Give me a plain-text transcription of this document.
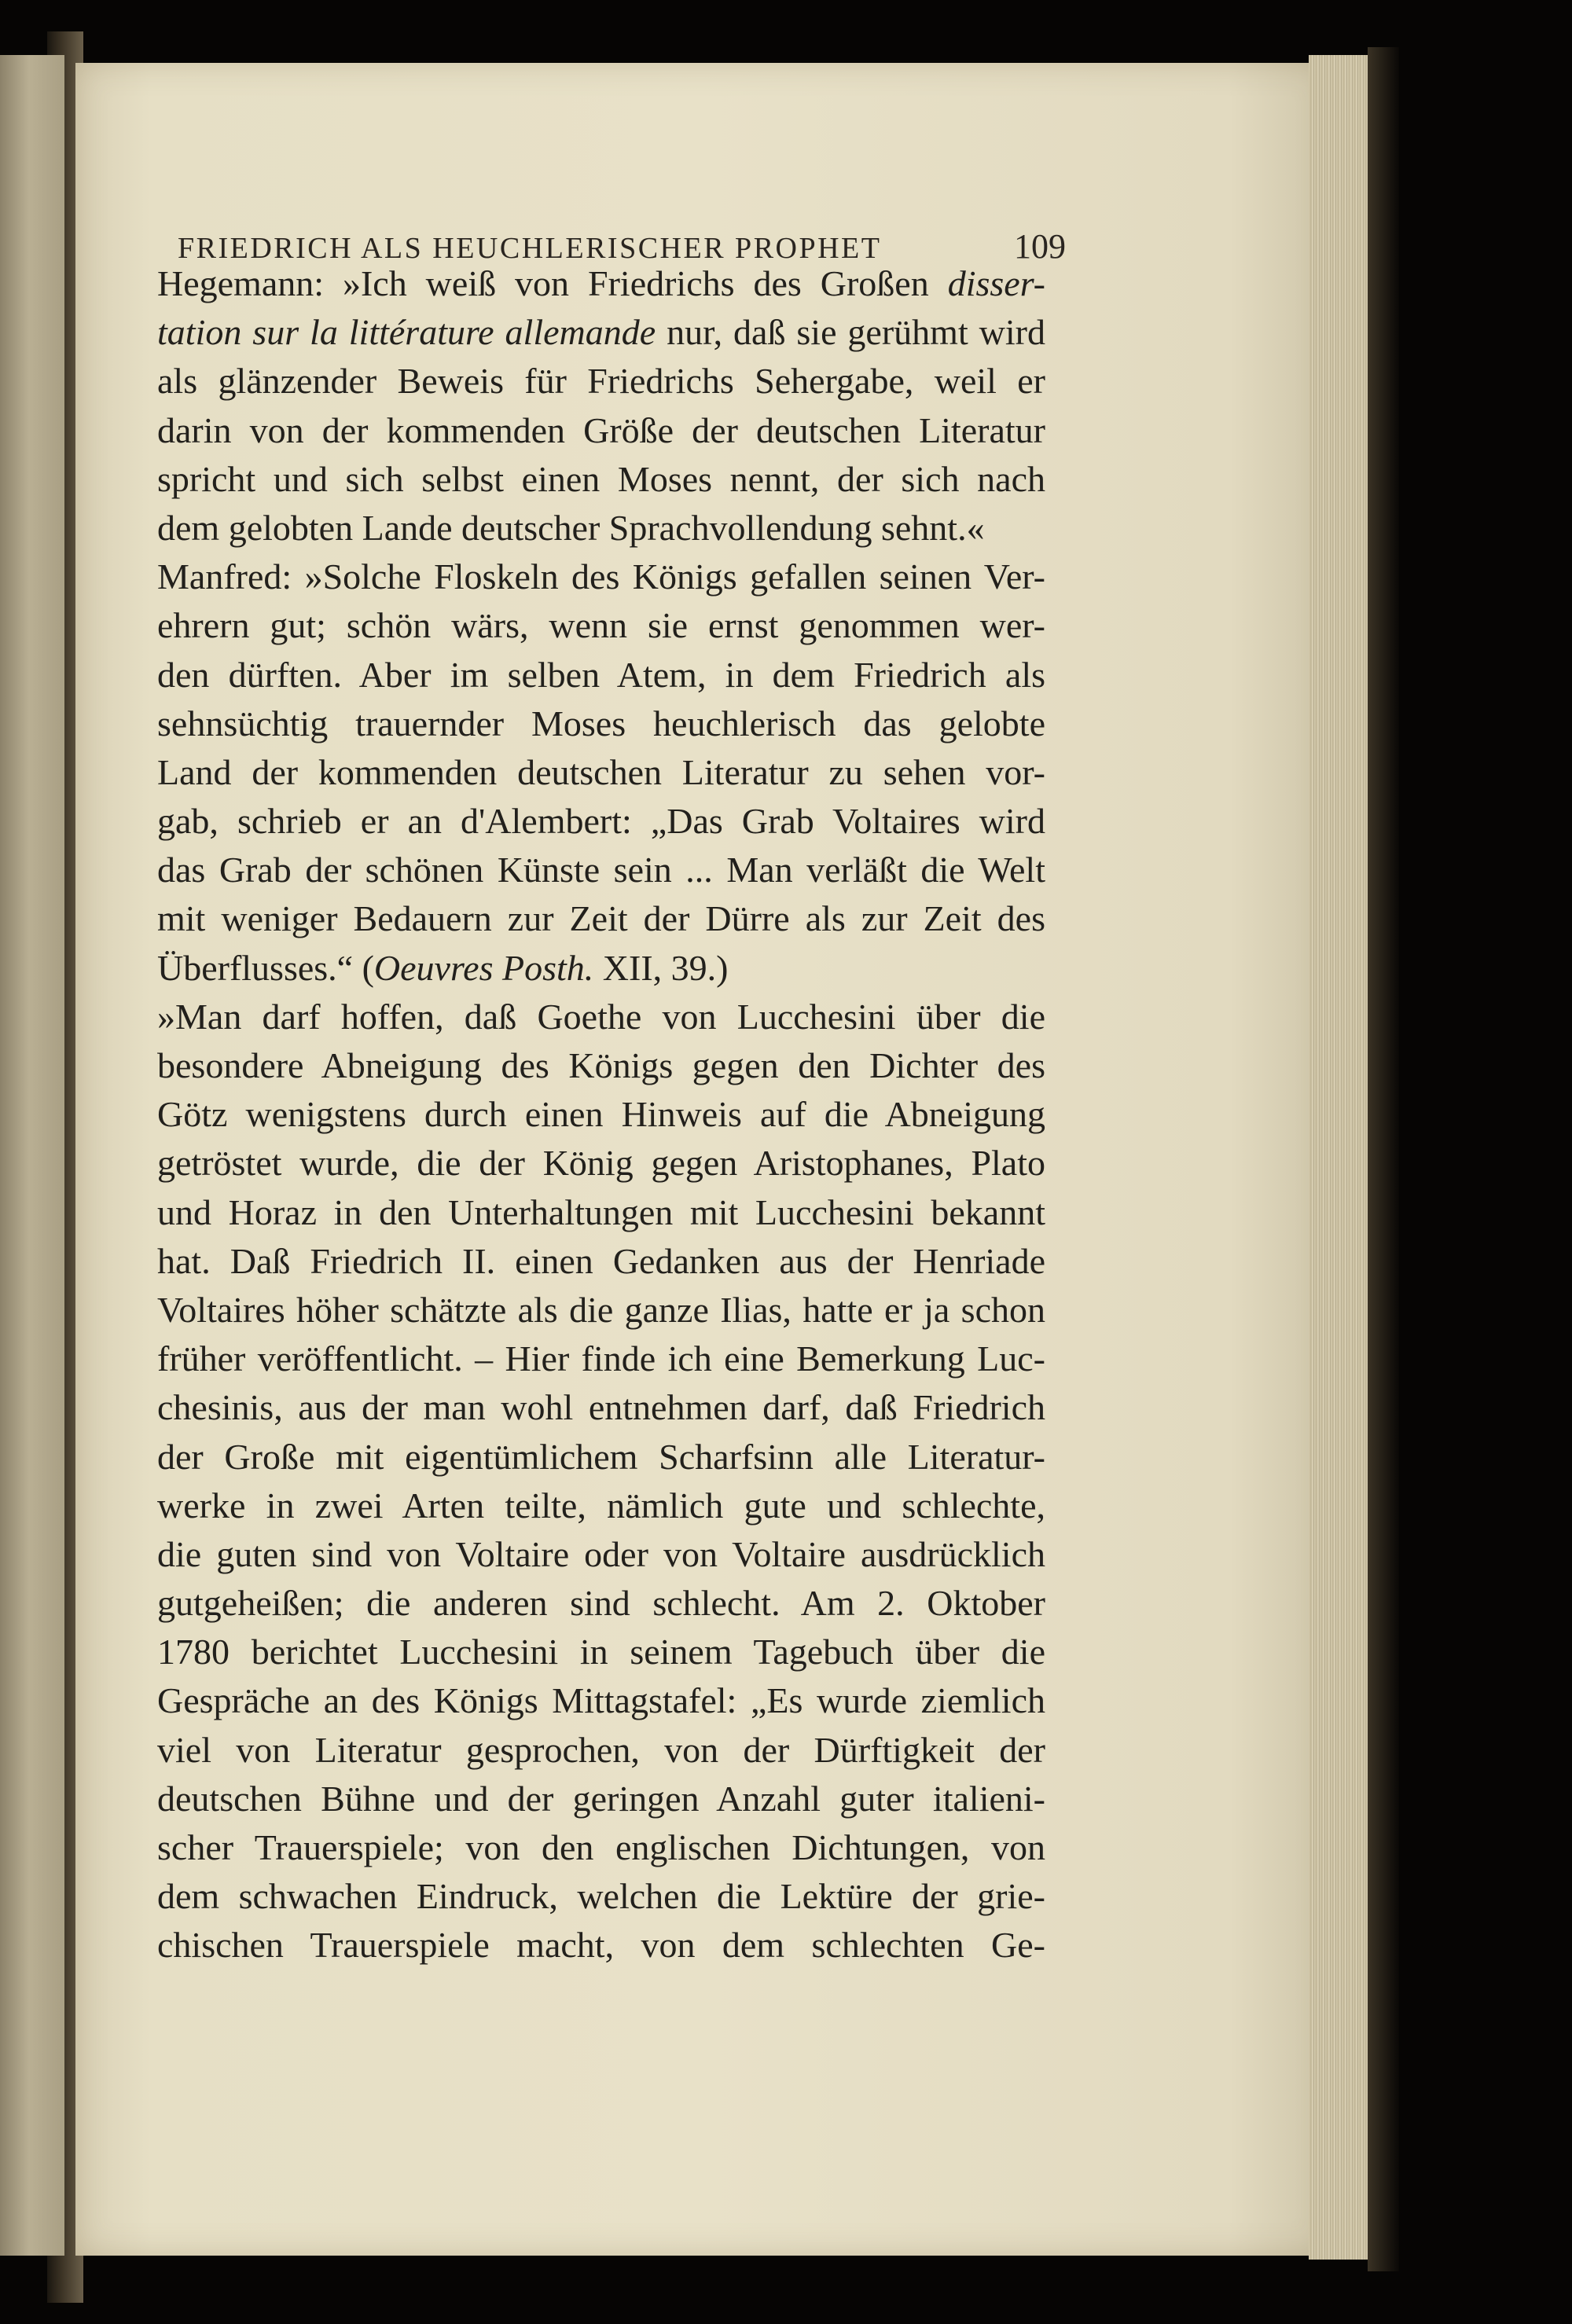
FRIEDRICH ALS HEUCHLERISCHER PROPHET	109
Hegemann: »Ich weiß von Friedrichs des Großen disser-
tation sur la littérature allemande nur, daß sie gerühmt wird
als glänzender Beweis für Friedrichs Sehergabe, weil er
darin von der kommenden Größe der deutschen Literatur
spricht und sich selbst einen Moses nennt, der sich nach
dem gelobten Lande deutscher Sprachvollendung sehnt.«
Manfred: »Solche Floskeln des Königs gefallen seinen Ver-
ehrern gut; schön wärs, wenn sie ernst genommen wer-
den dürften. Aber im selben Atem, in dem Friedrich als
sehnsüchtig trauernder Moses heuchlerisch das gelobte
Land der kommenden deutschen Literatur zu sehen vor-
gab, schrieb er an d'Alembert: „Das Grab Voltaires wird
das Grab der schönen Künste sein ... Man verläßt die Welt
mit weniger Bedauern zur Zeit der Dürre als zur Zeit des
Überflusses.“ (Oeuvres Posth. XII, 39.)
»Man darf hoffen, daß Goethe von Lucchesini über die
besondere Abneigung des Königs gegen den Dichter des
Götz wenigstens durch einen Hinweis auf die Abneigung
getröstet wurde, die der König gegen Aristophanes, Plato
und Horaz in den Unterhaltungen mit Lucchesini bekannt
hat. Daß Friedrich II. einen Gedanken aus der Henriade
Voltaires höher schätzte als die ganze Ilias, hatte er ja schon
früher veröffentlicht. – Hier finde ich eine Bemerkung Luc-
chesinis, aus der man wohl entnehmen darf, daß Friedrich
der Große mit eigentümlichem Scharfsinn alle Literatur-
werke in zwei Arten teilte, nämlich gute und schlechte,
die guten sind von Voltaire oder von Voltaire ausdrücklich
gutgeheißen; die anderen sind schlecht. Am 2. Oktober
1780 berichtet Lucchesini in seinem Tagebuch über die
Gespräche an des Königs Mittagstafel: „Es wurde ziemlich
viel von Literatur gesprochen, von der Dürftigkeit der
deutschen Bühne und der geringen Anzahl guter italieni-
scher Trauerspiele; von den englischen Dichtungen, von
dem schwachen Eindruck, welchen die Lektüre der grie-
chischen Trauerspiele macht, von dem schlechten Ge-
